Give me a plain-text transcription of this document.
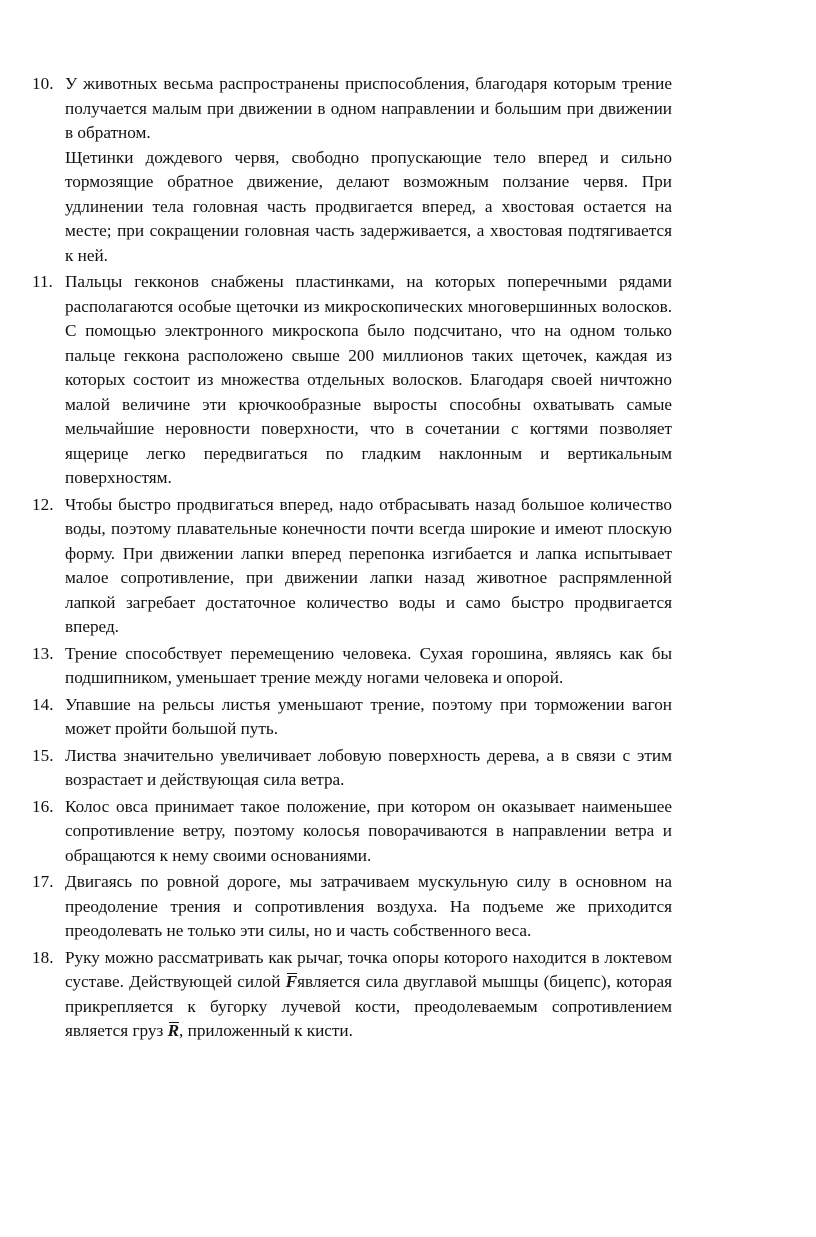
10. У животных весьма распространены приспособления, благодаря которым трение получается малым при движении в одном направлении и большим при движении в обратном.

Щетинки дождевого червя, свободно пропускающие тело вперед и сильно тормозящие обратное движение, делают возможным ползание червя. При удлинении тела головная часть продвигается вперед, а хвостовая остается на месте; при сокращении головная часть задерживается, а хвостовая подтягивается к ней.

11. Пальцы гекконов снабжены пластинками, на которых поперечными рядами располагаются особые щеточки из микроскопических многовершинных волосков. С помощью электронного микроскопа было подсчитано, что на одном только пальце геккона расположено свыше 200 миллионов таких щеточек, каждая из которых состоит из множества отдельных волосков. Благодаря своей ничтожно малой величине эти крючкообразные выросты способны охватывать самые мельчайшие неровности поверхности, что в сочетании с когтями позволяет ящерице легко передвигаться по гладким наклонным и вертикальным поверхностям.

12. Чтобы быстро продвигаться вперед, надо отбрасывать назад большое количество воды, поэтому плавательные конечности почти всегда широкие и имеют плоскую форму. При движении лапки вперед перепонка изгибается и лапка испытывает малое сопротивление, при движении лапки назад животное распрямленной лапкой загребает достаточное количество воды и само быстро продвигается вперед.

13. Трение способствует перемещению человека. Сухая горошина, являясь как бы подшипником, уменьшает трение между ногами человека и опорой.

14. Упавшие на рельсы листья уменьшают трение, поэтому при торможении вагон может пройти большой путь.

15. Листва значительно увеличивает лобовую поверхность дерева, а в связи с этим возрастает и действующая сила ветра.

16. Колос овса принимает такое положение, при котором он оказывает наименьшее сопротивление ветру, поэтому колосья поворачиваются в направлении ветра и обращаются к нему своими основаниями.

17. Двигаясь по ровной дороге, мы затрачиваем мускульную силу в основном на преодоление трения и сопротивления воздуха. На подъеме же приходится преодолевать не только эти силы, но и часть собственного веса.

18. Руку можно рассматривать как рычаг, точка опоры которого находится в локтевом суставе. Действующей силой Fявляется сила двуглавой мышцы (бицепс), которая прикрепляется к бугорку лучевой кости, преодолеваемым сопротивлением является груз R, приложенный к кисти.
